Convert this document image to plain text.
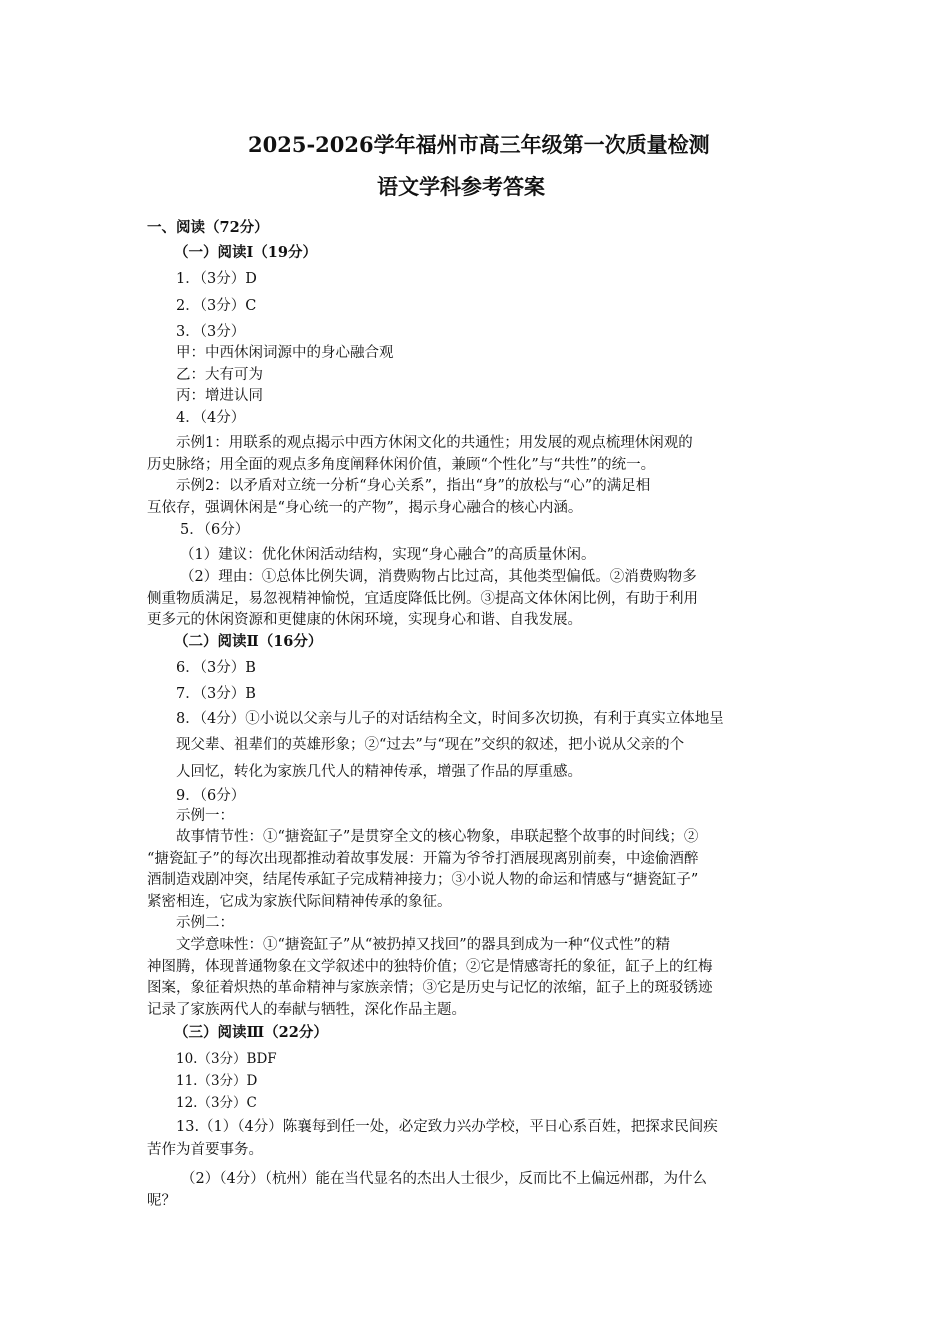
2025-2026学年福州市高三年级第一次质量检测
语文学科参考答案
一、阅读（72分）
（一）阅读Ⅰ（19分）
1．（3分）D
2．（3分）C
3．（3分）
甲：中西休闲词源中的身心融合观
乙：大有可为
丙：增进认同
4．（4分）
示例1：用联系的观点揭示中西方休闲文化的共通性；用发展的观点梳理休闲观的
历史脉络；用全面的观点多角度阐释休闲价值，兼顾“个性化”与“共性”的统一。
示例2：以矛盾对立统一分析“身心关系”，指出“身”的放松与“心”的满足相
互依存，强调休闲是“身心统一的产物”，揭示身心融合的核心内涵。
5．（6分）
（1）建议：优化休闲活动结构，实现“身心融合”的高质量休闲。
（2）理由：①总体比例失调，消费购物占比过高，其他类型偏低。②消费购物多
侧重物质满足，易忽视精神愉悦，宜适度降低比例。③提高文体休闲比例，有助于利用
更多元的休闲资源和更健康的休闲环境，实现身心和谐、自我发展。
（二）阅读Ⅱ（16分）
6．（3分）B
7．（3分）B
8．（4分）①小说以父亲与儿子的对话结构全文，时间多次切换，有利于真实立体地呈
现父辈、祖辈们的英雄形象；②“过去”与“现在”交织的叙述，把小说从父亲的个
人回忆，转化为家族几代人的精神传承，增强了作品的厚重感。
9．（6分）
示例一：
故事情节性：①“搪瓷缸子”是贯穿全文的核心物象，串联起整个故事的时间线；②
“搪瓷缸子”的每次出现都推动着故事发展：开篇为爷爷打酒展现离别前奏，中途偷酒醉
酒制造戏剧冲突，结尾传承缸子完成精神接力；③小说人物的命运和情感与“搪瓷缸子”
紧密相连，它成为家族代际间精神传承的象征。
示例二：
文学意味性：①“搪瓷缸子”从“被扔掉又找回”的器具到成为一种“仪式性”的精
神图腾，体现普通物象在文学叙述中的独特价值；②它是情感寄托的象征，缸子上的红梅
图案，象征着炽热的革命精神与家族亲情；③它是历史与记忆的浓缩，缸子上的斑驳锈迹
记录了家族两代人的奉献与牺牲，深化作品主题。
（三）阅读Ⅲ（22分）
10.（3分）BDF
11.（3分）D
12.（3分）C
13.（1）（4分）陈襄每到任一处，必定致力兴办学校，平日心系百姓，把探求民间疾
苦作为首要事务。
（2）（4分）（杭州）能在当代显名的杰出人士很少，反而比不上偏远州郡，为什么
呢？
